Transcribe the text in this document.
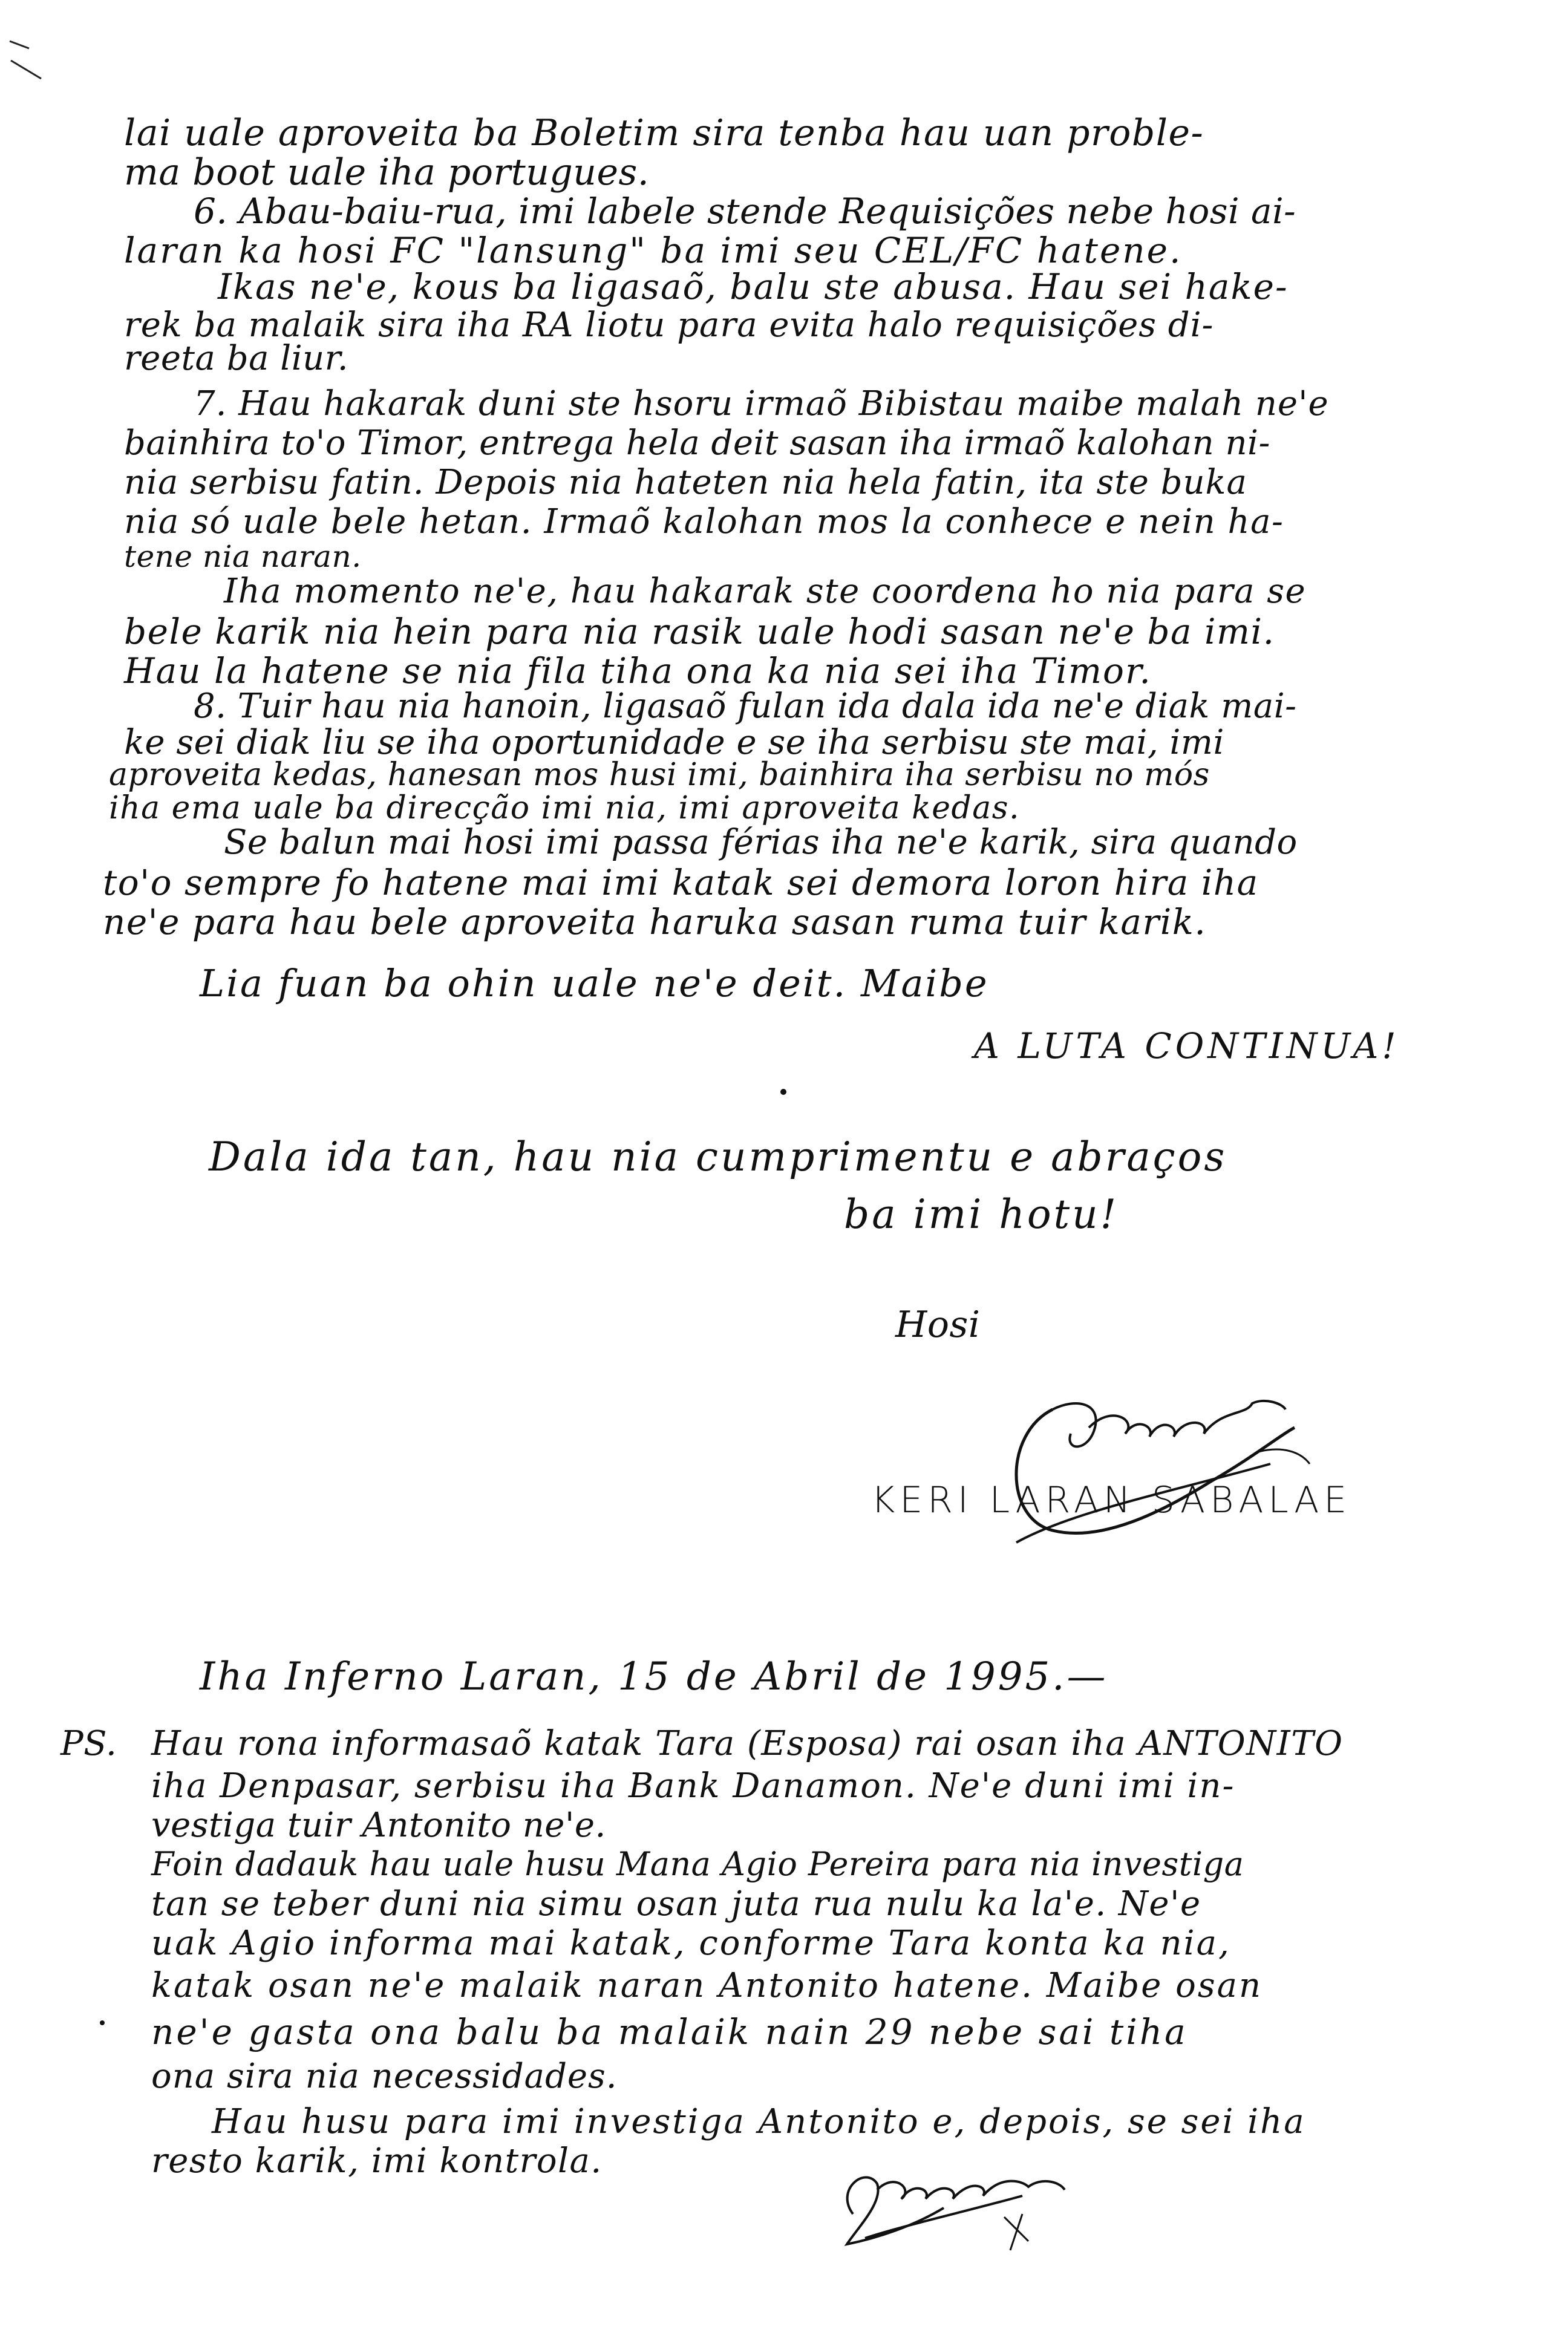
lai uale aproveita ba Boletim sira tenba hau uan proble-
ma boot uale iha portugues.
6. Abau-baiu-rua, imi labele stende Requisições nebe hosi ai-
laran ka hosi FC "lansung" ba imi seu CEL/FC hatene.
Ikas ne'e, kous ba ligasaõ, balu ste abusa. Hau sei hake-
rek ba malaik sira iha RA liotu para evita halo requisições di-
reeta ba liur.
7. Hau hakarak duni ste hsoru irmaõ Bibistau maibe malah ne'e
bainhira to'o Timor, entrega hela deit sasan iha irmaõ kalohan ni-
nia serbisu fatin. Depois nia hateten nia hela fatin, ita ste buka
nia só uale bele hetan. Irmaõ kalohan mos la conhece e nein ha-
tene nia naran.
Iha momento ne'e, hau hakarak ste coordena ho nia para se
bele karik nia hein para nia rasik uale hodi sasan ne'e ba imi.
Hau la hatene se nia fila tiha ona ka nia sei iha Timor.
8. Tuir hau nia hanoin, ligasaõ fulan ida dala ida ne'e diak mai-
ke sei diak liu se iha oportunidade e se iha serbisu ste mai, imi
aproveita kedas, hanesan mos husi imi, bainhira iha serbisu no mós
iha ema uale ba direcção imi nia, imi aproveita kedas.
Se balun mai hosi imi passa férias iha ne'e karik, sira quando
to'o sempre fo hatene mai imi katak sei demora loron hira iha
ne'e para hau bele aproveita haruka sasan ruma tuir karik.
Lia fuan ba ohin uale ne'e deit. Maibe
A LUTA CONTINUA!
Dala ida tan, hau nia cumprimentu e abraços
ba imi hotu!
Hosi
KERI LARAN SABALAE
Iha Inferno Laran, 15 de Abril de 1995.—
PS. Hau rona informasaõ katak Tara (Esposa) rai osan iha ANTONITO
iha Denpasar, serbisu iha Bank Danamon. Ne'e duni imi in-
vestiga tuir Antonito ne'e.
Foin dadauk hau uale husu Mana Agio Pereira para nia investiga
tan se teber duni nia simu osan juta rua nulu ka la'e. Ne'e
uak Agio informa mai katak, conforme Tara konta ka nia,
katak osan ne'e malaik naran Antonito hatene. Maibe osan
ne'e gasta ona balu ba malaik nain 29 nebe sai tiha
ona sira nia necessidades.
Hau husu para imi investiga Antonito e, depois, se sei iha
resto karik, imi kontrola.
